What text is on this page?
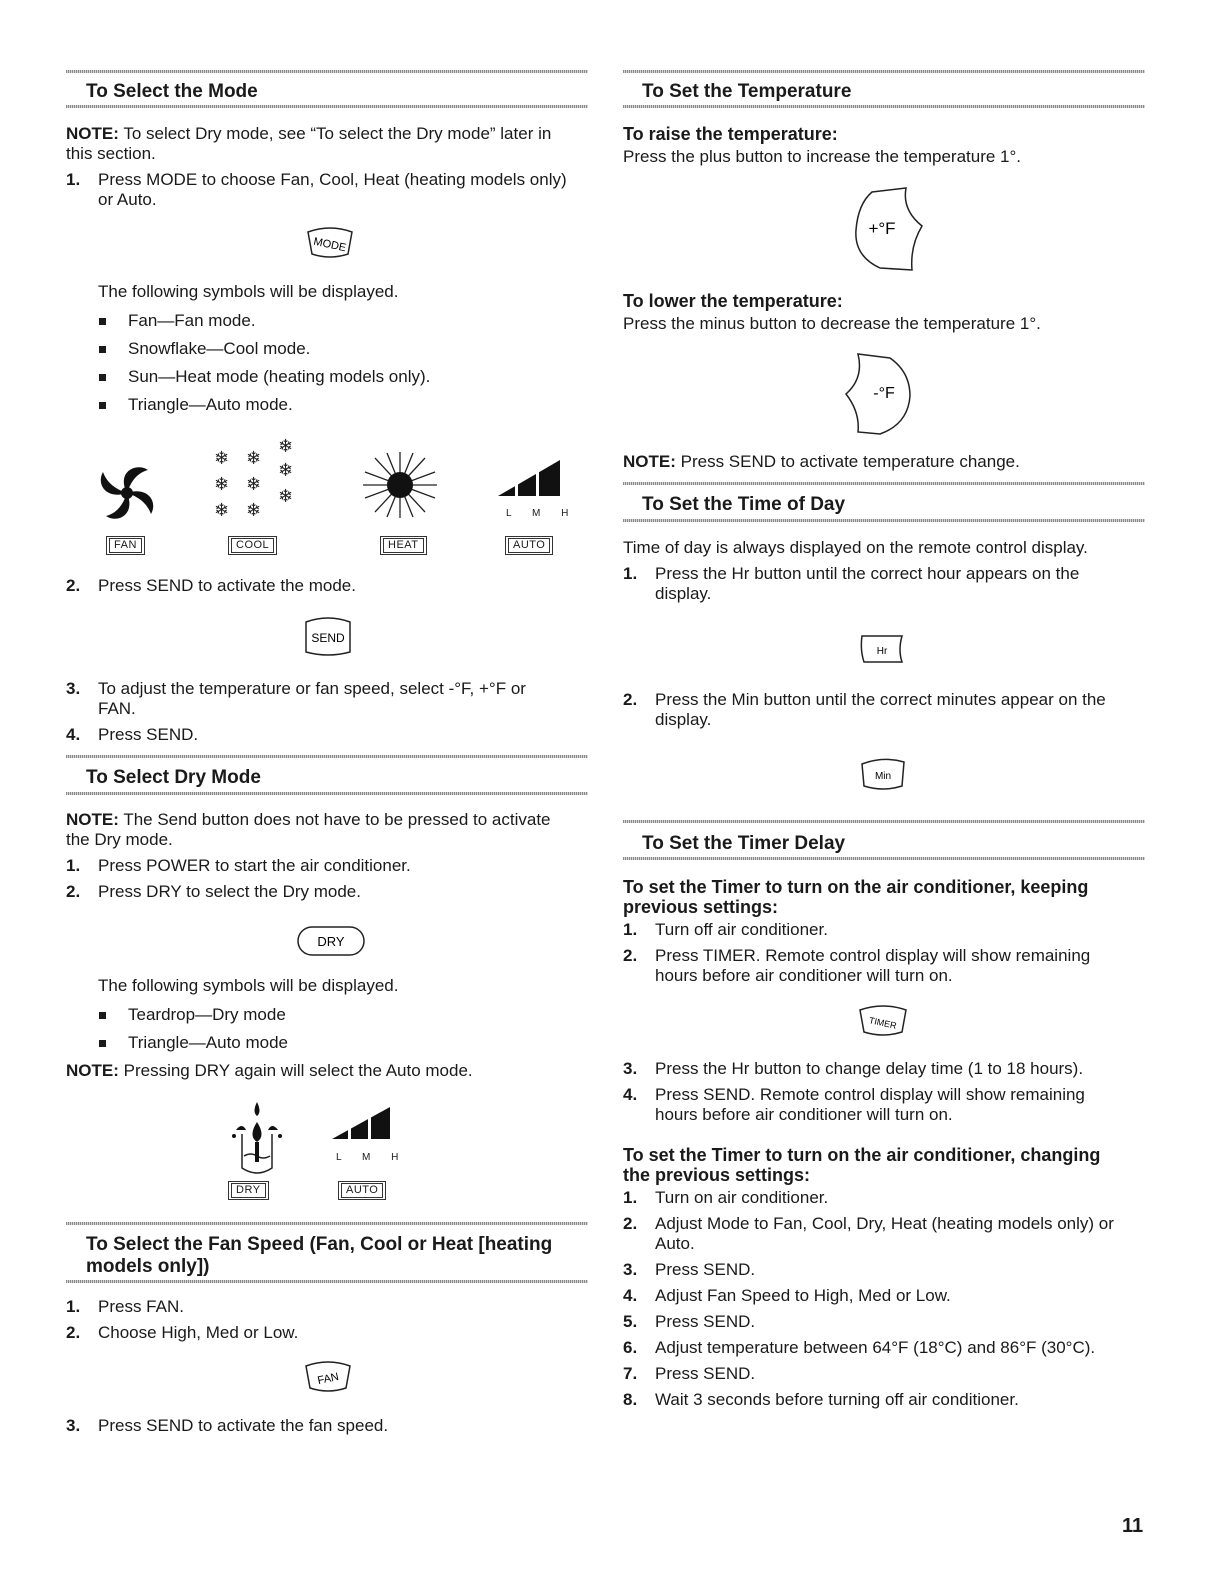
To Select the Mode
NOTE: To select Dry mode, see “To select the Dry mode” later in
this section.
1. Press MODE to choose Fan, Cool, Heat (heating models only)
or Auto.
MODE
The following symbols will be displayed.
Fan—Fan mode.
Snowflake—Cool mode.
Sun—Heat mode (heating models only).
Triangle—Auto mode.
❄ ❄
❄
❄ ❄
❄
❄ ❄
❄
L M H
FAN	COOL	HEAT	AUTO
2. Press SEND to activate the mode.
SEND
3. To adjust the temperature or fan speed, select -°F, +°F or
FAN.
4. Press SEND.
To Select Dry Mode
NOTE: The Send button does not have to be pressed to activate
the Dry mode.
1. Press POWER to start the air conditioner.
2. Press DRY to select the Dry mode.
DRY
The following symbols will be displayed.
Teardrop—Dry mode
Triangle—Auto mode
NOTE: Pressing DRY again will select the Auto mode.
L M H
DRY	AUTO
To Select the Fan Speed (Fan, Cool or Heat [heating
models only])
1. Press FAN.
2. Choose High, Med or Low.
FAN
3. Press SEND to activate the fan speed.
To Set the Temperature
To raise the temperature:
Press the plus button to increase the temperature 1°.
+°F
To lower the temperature:
Press the minus button to decrease the temperature 1°.
-°F
NOTE: Press SEND to activate temperature change.
To Set the Time of Day
Time of day is always displayed on the remote control display.
1. Press the Hr button until the correct hour appears on the
display.
Hr
2. Press the Min button until the correct minutes appear on the
display.
Min
To Set the Timer Delay
To set the Timer to turn on the air conditioner, keeping
previous settings:
1. Turn off air conditioner.
2. Press TIMER. Remote control display will show remaining
hours before air conditioner will turn on.
TIMER
3. Press the Hr button to change delay time (1 to 18 hours).
4. Press SEND. Remote control display will show remaining
hours before air conditioner will turn on.
To set the Timer to turn on the air conditioner, changing
the previous settings:
1. Turn on air conditioner.
2. Adjust Mode to Fan, Cool, Dry, Heat (heating models only) or
Auto.
3. Press SEND.
4. Adjust Fan Speed to High, Med or Low.
5. Press SEND.
6. Adjust temperature between 64°F (18°C) and 86°F (30°C).
7. Press SEND.
8. Wait 3 seconds before turning off air conditioner.
11
